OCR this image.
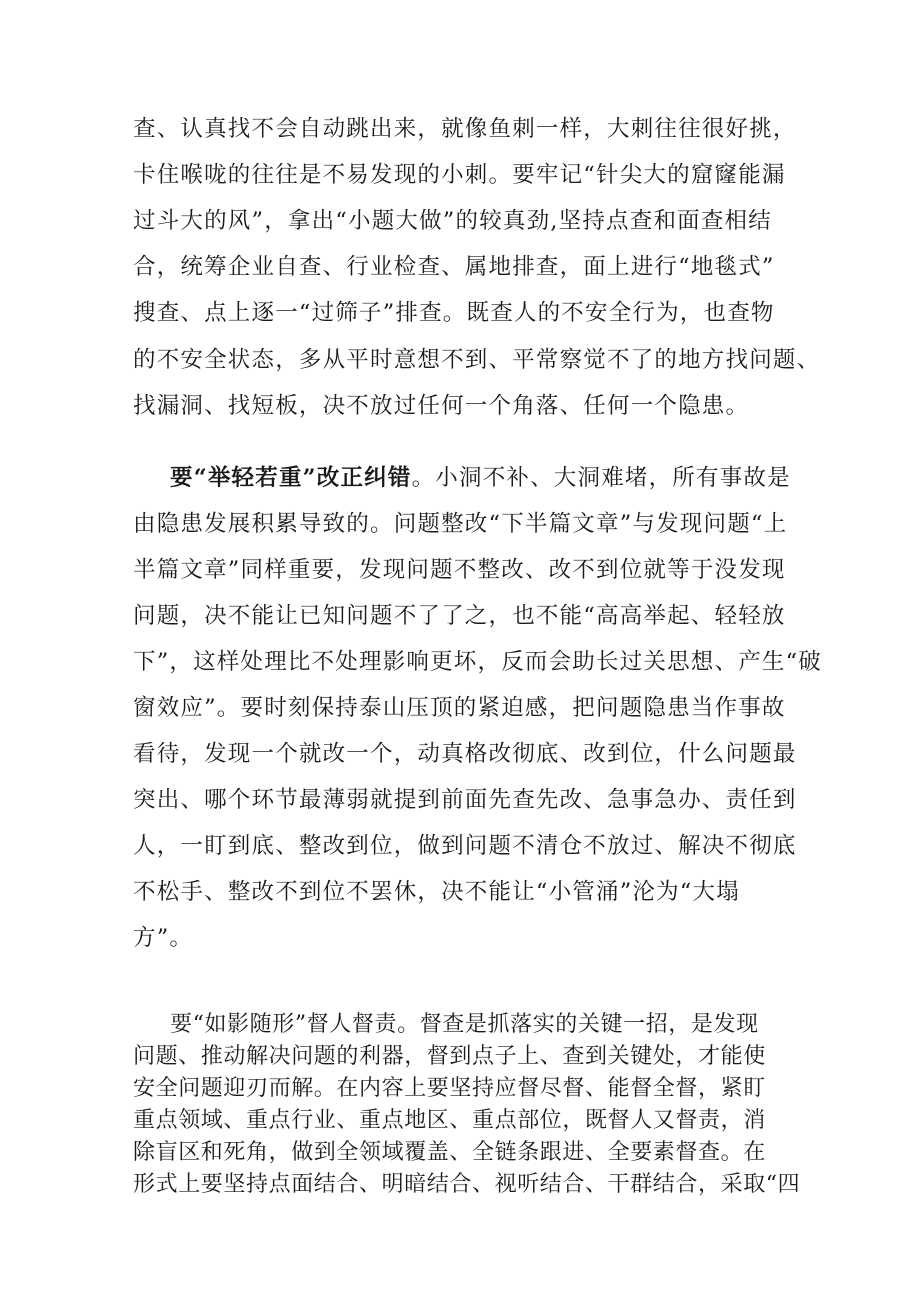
查、认真找不会自动跳出来，就像鱼刺一样，大刺往往很好挑，
卡住喉咙的往往是不易发现的小刺。要牢记“针尖大的窟窿能漏
过斗大的风”，拿出“小题大做”的较真劲,坚持点查和面查相结
合，统筹企业自查、行业检查、属地排查，面上进行“地毯式”
搜查、点上逐一“过筛子”排查。既查人的不安全行为，也查物
的不安全状态，多从平时意想不到、平常察觉不了的地方找问题、
找漏洞、找短板，决不放过任何一个角落、任何一个隐患。
要“举轻若重”改正纠错。小洞不补、大洞难堵，所有事故是
由隐患发展积累导致的。问题整改“下半篇文章”与发现问题“上
半篇文章”同样重要，发现问题不整改、改不到位就等于没发现
问题，决不能让已知问题不了了之，也不能“高高举起、轻轻放
下”，这样处理比不处理影响更坏，反而会助长过关思想、产生“破
窗效应”。要时刻保持泰山压顶的紧迫感，把问题隐患当作事故
看待，发现一个就改一个，动真格改彻底、改到位，什么问题最
突出、哪个环节最薄弱就提到前面先查先改、急事急办、责任到
人，一盯到底、整改到位，做到问题不清仓不放过、解决不彻底
不松手、整改不到位不罢休，决不能让“小管涌”沦为“大塌
方”。
要“如影随形”督人督责。督查是抓落实的关键一招，是发现
问题、推动解决问题的利器，督到点子上、查到关键处，才能使
安全问题迎刃而解。在内容上要坚持应督尽督、能督全督，紧盯
重点领域、重点行业、重点地区、重点部位，既督人又督责，消
除盲区和死角，做到全领域覆盖、全链条跟进、全要素督查。在
形式上要坚持点面结合、明暗结合、视听结合、干群结合，采取“四
